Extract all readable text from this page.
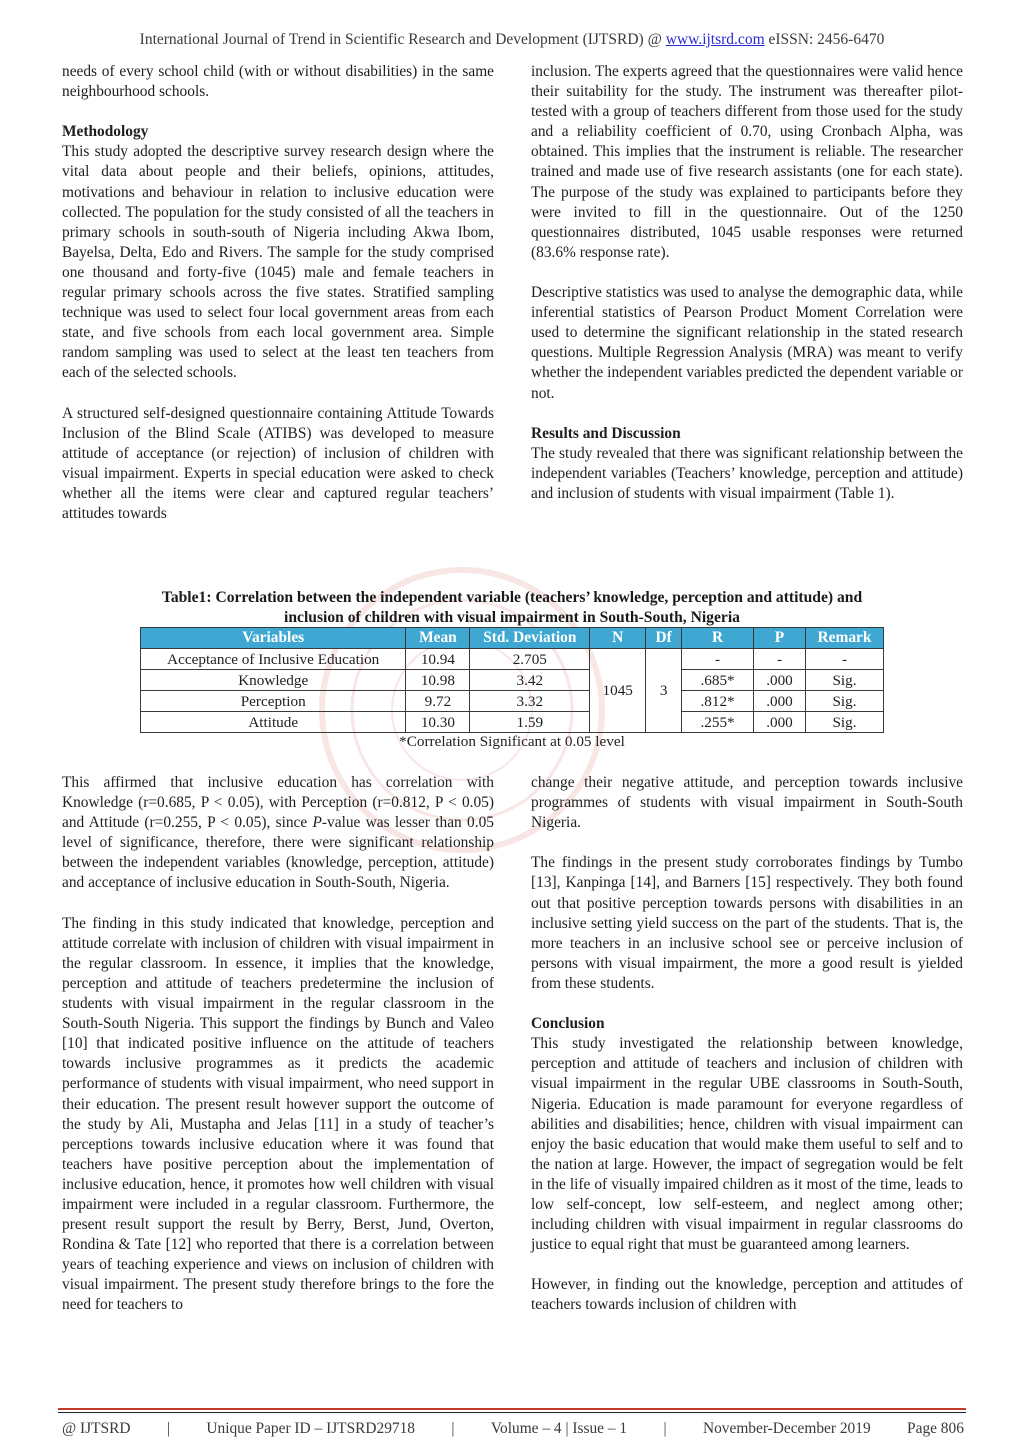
International Journal of Trend in Scientific Research and Development (IJTSRD) @ www.ijtsrd.com eISSN: 2456-6470

needs of every school child (with or without disabilities) in the same neighbourhood schools.

Methodology

This study adopted the descriptive survey research design where the vital data about people and their beliefs, opinions, attitudes, motivations and behaviour in relation to inclusive education were collected. The population for the study consisted of all the teachers in primary schools in south-south of Nigeria including Akwa Ibom, Bayelsa, Delta, Edo and Rivers. The sample for the study comprised one thousand and forty-five (1045) male and female teachers in regular primary schools across the five states. Stratified sampling technique was used to select four local government areas from each state, and five schools from each local government area. Simple random sampling was used to select at the least ten teachers from each of the selected schools.

A structured self-designed questionnaire containing Attitude Towards Inclusion of the Blind Scale (ATIBS) was developed to measure attitude of acceptance (or rejection) of inclusion of children with visual impairment. Experts in special education were asked to check whether all the items were clear and captured regular teachers’ attitudes towards

inclusion. The experts agreed that the questionnaires were valid hence their suitability for the study. The instrument was thereafter pilot-tested with a group of teachers different from those used for the study and a reliability coefficient of 0.70, using Cronbach Alpha, was obtained. This implies that the instrument is reliable. The researcher trained and made use of five research assistants (one for each state). The purpose of the study was explained to participants before they were invited to fill in the questionnaire. Out of the 1250 questionnaires distributed, 1045 usable responses were returned (83.6% response rate).

Descriptive statistics was used to analyse the demographic data, while inferential statistics of Pearson Product Moment Correlation were used to determine the significant relationship in the stated research questions. Multiple Regression Analysis (MRA) was meant to verify whether the independent variables predicted the dependent variable or not.

Results and Discussion

The study revealed that there was significant relationship between the independent variables (Teachers’ knowledge, perception and attitude) and inclusion of students with visual impairment (Table 1).

Table1: Correlation between the independent variable (teachers’ knowledge, perception and attitude) and
inclusion of children with visual impairment in South-South, Nigeria
Variables	Mean	Std. Deviation	N	Df	R	P	Remark
Acceptance of Inclusive Education	10.94	2.705	1045	3	-	-	-
Knowledge	10.98	3.42			.685*	.000	Sig.
Perception	9.72	3.32			.812*	.000	Sig.
Attitude	10.30	1.59			.255*	.000	Sig.
*Correlation Significant at 0.05 level

This affirmed that inclusive education has correlation with Knowledge (r=0.685, P < 0.05), with Perception (r=0.812, P < 0.05) and Attitude (r=0.255, P < 0.05), since P-value was lesser than 0.05 level of significance, therefore, there were significant relationship between the independent variables (knowledge, perception, attitude) and acceptance of inclusive education in South-South, Nigeria.

The finding in this study indicated that knowledge, perception and attitude correlate with inclusion of children with visual impairment in the regular classroom. In essence, it implies that the knowledge, perception and attitude of teachers predetermine the inclusion of students with visual impairment in the regular classroom in the South-South Nigeria. This support the findings by Bunch and Valeo [10] that indicated positive influence on the attitude of teachers towards inclusive programmes as it predicts the academic performance of students with visual impairment, who need support in their education. The present result however support the outcome of the study by Ali, Mustapha and Jelas [11] in a study of teacher’s perceptions towards inclusive education where it was found that teachers have positive perception about the implementation of inclusive education, hence, it promotes how well children with visual impairment were included in a regular classroom. Furthermore, the present result support the result by Berry, Berst, Jund, Overton, Rondina & Tate [12] who reported that there is a correlation between years of teaching experience and views on inclusion of children with visual impairment. The present study therefore brings to the fore the need for teachers to

change their negative attitude, and perception towards inclusive programmes of students with visual impairment in South-South Nigeria.

The findings in the present study corroborates findings by Tumbo [13], Kanpinga [14], and Barners [15] respectively. They both found out that positive perception towards persons with disabilities in an inclusive setting yield success on the part of the students. That is, the more teachers in an inclusive school see or perceive inclusion of persons with visual impairment, the more a good result is yielded from these students.

Conclusion

This study investigated the relationship between knowledge, perception and attitude of teachers and inclusion of children with visual impairment in the regular UBE classrooms in South-South, Nigeria. Education is made paramount for everyone regardless of abilities and disabilities; hence, children with visual impairment can enjoy the basic education that would make them useful to self and to the nation at large. However, the impact of segregation would be felt in the life of visually impaired children as it most of the time, leads to low self-concept, low self-esteem, and neglect among other; including children with visual impairment in regular classrooms do justice to equal right that must be guaranteed among learners.

However, in finding out the knowledge, perception and attitudes of teachers towards inclusion of children with

@ IJTSRD | Unique Paper ID – IJTSRD29718 | Volume – 4 | Issue – 1 | November-December 2019 Page 806
